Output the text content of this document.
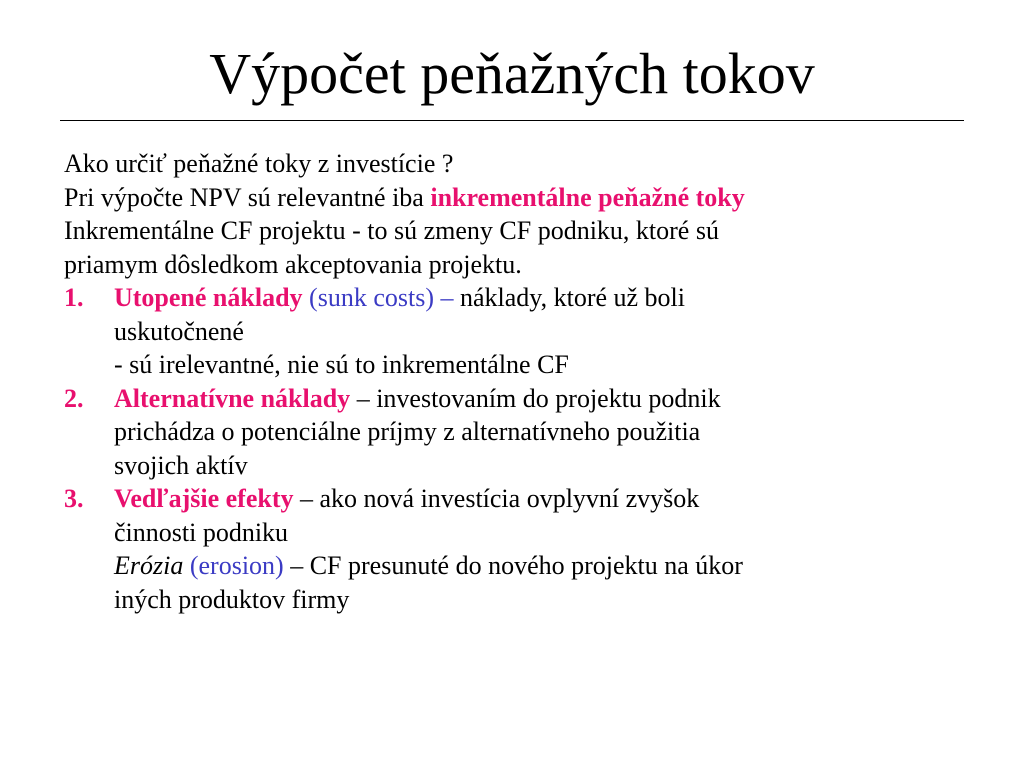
Výpočet peňažných tokov
Ako určiť peňažné toky z investície ?
Pri výpočte NPV sú relevantné iba inkrementálne peňažné toky
Inkrementálne CF projektu - to sú zmeny CF podniku, ktoré sú
priamym dôsledkom akceptovania projektu.
1. Utopené náklady (sunk costs) – náklady, ktoré už boli
uskutočnené
- sú irelevantné, nie sú to inkrementálne CF
2. Alternatívne náklady – investovaním do projektu podnik
prichádza o potenciálne príjmy z alternatívneho použitia
svojich aktív
3. Vedľajšie efekty – ako nová investícia ovplyvní zvyšok
činnosti podniku
Erózia (erosion) – CF presunuté do nového projektu na úkor
iných produktov firmy
